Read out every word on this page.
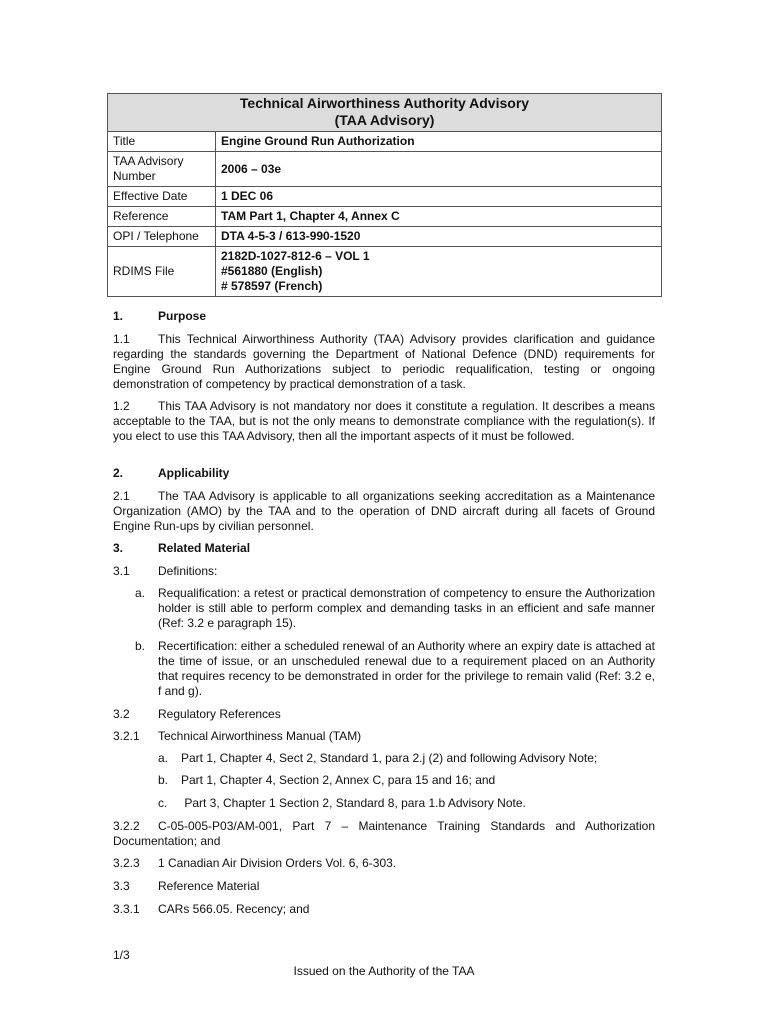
Technical Airworthiness Authority Advisory
(TAA Advisory)	

Title	Engine Ground Run Authorization

TAA Advisory
Number	2006 – 03e
Effective Date	1 DEC 06
Reference	TAM Part 1, Chapter 4, Annex C
OPI / Telephone	DTA 4-5-3 / 613-990-1520
RDIMS File	2182D-1027-812-6 – VOL 1
#561880 (English)
# 578597 (French)
1.	Purpose
1.1 This Technical Airworthiness Authority (TAA) Advisory provides clarification and guidance regarding the standards governing the Department of National Defence (DND) requirements for Engine Ground Run Authorizations subject to periodic requalification, testing or ongoing demonstration of competency by practical demonstration of a task.
1.2 This TAA Advisory is not mandatory nor does it constitute a regulation. It describes a means acceptable to the TAA, but is not the only means to demonstrate compliance with the regulation(s). If you elect to use this TAA Advisory, then all the important aspects of it must be followed.
2.	Applicability
2.1 The TAA Advisory is applicable to all organizations seeking accreditation as a Maintenance Organization (AMO) by the TAA and to the operation of DND aircraft during all facets of Ground Engine Run-ups by civilian personnel.
3.	Related Material
3.1 Definitions:
a. Requalification: a retest or practical demonstration of competency to ensure the Authorization holder is still able to perform complex and demanding tasks in an efficient and safe manner (Ref: 3.2 e paragraph 15).
b. Recertification: either a scheduled renewal of an Authority where an expiry date is attached at the time of issue, or an unscheduled renewal due to a requirement placed on an Authority that requires recency to be demonstrated in order for the privilege to remain valid (Ref: 3.2 e, f and g).
3.2 Regulatory References
3.2.1 Technical Airworthiness Manual (TAM)
a. Part 1, Chapter 4, Sect 2, Standard 1, para 2.j (2) and following Advisory Note;
b. Part 1, Chapter 4, Section 2, Annex C, para 15 and 16; and
c. Part 3, Chapter 1 Section 2, Standard 8, para 1.b Advisory Note.
3.2.2 C-05-005-P03/AM-001, Part 7 – Maintenance Training Standards and Authorization Documentation; and
3.2.3 1 Canadian Air Division Orders Vol. 6, 6-303.
3.3 Reference Material
3.3.1 CARs 566.05. Recency; and
1/3
Issued on the Authority of the TAA
